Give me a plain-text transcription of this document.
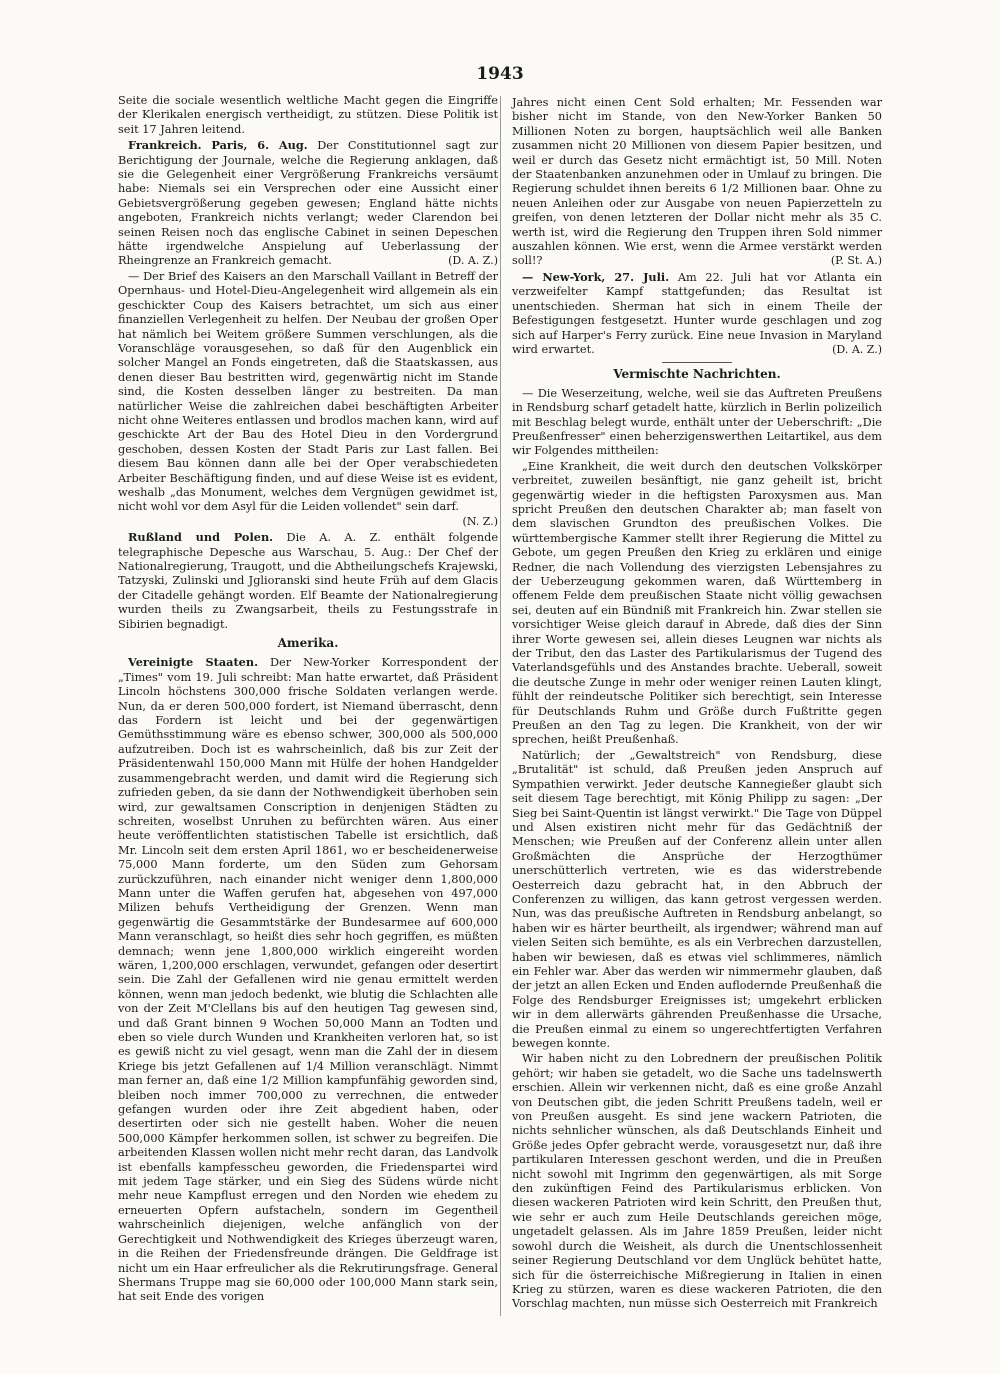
1943

Seite die sociale wesentlich weltliche Macht gegen die Eingriffe der Klerikalen energisch vertheidigt, zu stützen. Diese Politik ist seit 17 Jahren leitend.

Frankreich. Paris, 6. Aug. Der Constitutionnel sagt zur Berichtigung der Journale, welche die Regierung anklagen, daß sie die Gelegenheit einer Vergrößerung Frankreichs versäumt habe: Niemals sei ein Versprechen oder eine Aussicht einer Gebietsvergrößerung gegeben gewesen; England hätte nichts angeboten, Frankreich nichts verlangt; weder Clarendon bei seinen Reisen noch das englische Cabinet in seinen Depeschen hätte irgendwelche Anspielung auf Ueberlassung der Rheingrenze an Frankreich gemacht.	(D. A. Z.)

— Der Brief des Kaisers an den Marschall Vaillant in Betreff der Opernhaus- und Hotel-Dieu-Angelegenheit wird allgemein als ein geschickter Coup des Kaisers betrachtet, um sich aus einer finanziellen Verlegenheit zu helfen. Der Neubau der großen Oper hat nämlich bei Weitem größere Summen verschlungen, als die Voranschläge vorausgesehen, so daß für den Augenblick ein solcher Mangel an Fonds eingetreten, daß die Staatskassen, aus denen dieser Bau bestritten wird, gegenwärtig nicht im Stande sind, die Kosten desselben länger zu bestreiten. Da man natürlicher Weise die zahlreichen dabei beschäftigten Arbeiter nicht ohne Weiteres entlassen und brodlos machen kann, wird auf geschickte Art der Bau des Hotel Dieu in den Vordergrund geschoben, dessen Kosten der Stadt Paris zur Last fallen. Bei diesem Bau können dann alle bei der Oper verabschiedeten Arbeiter Beschäftigung finden, und auf diese Weise ist es evident, weshalb „das Monument, welches dem Vergnügen gewidmet ist, nicht wohl vor dem Asyl für die Leiden vollendet" sein darf.
(N. Z.)

Rußland und Polen. Die A. A. Z. enthält folgende telegraphische Depesche aus Warschau, 5. Aug.: Der Chef der Nationalregierung, Traugott, und die Abtheilungschefs Krajewski, Tatzyski, Zulinski und Jglioranski sind heute Früh auf dem Glacis der Citadelle gehängt worden. Elf Beamte der Nationalregierung wurden theils zu Zwangsarbeit, theils zu Festungsstrafe in Sibirien begnadigt.

Amerika.

Vereinigte Staaten. Der New-Yorker Korrespondent der „Times" vom 19. Juli schreibt: Man hatte erwartet, daß Präsident Lincoln höchstens 300,000 frische Soldaten verlangen werde. Nun, da er deren 500,000 fordert, ist Niemand überrascht, denn das Fordern ist leicht und bei der gegenwärtigen Gemüthsstimmung wäre es ebenso schwer, 300,000 als 500,000 aufzutreiben. Doch ist es wahrscheinlich, daß bis zur Zeit der Präsidentenwahl 150,000 Mann mit Hülfe der hohen Handgelder zusammengebracht werden, und damit wird die Regierung sich zufrieden geben, da sie dann der Nothwendigkeit überhoben sein wird, zur gewaltsamen Conscription in denjenigen Städten zu schreiten, woselbst Unruhen zu befürchten wären. Aus einer heute veröffentlichten statistischen Tabelle ist ersichtlich, daß Mr. Lincoln seit dem ersten April 1861, wo er bescheidenerweise 75,000 Mann forderte, um den Süden zum Gehorsam zurückzuführen, nach einander nicht weniger denn 1,800,000 Mann unter die Waffen gerufen hat, abgesehen von 497,000 Milizen behufs Vertheidigung der Grenzen. Wenn man gegenwärtig die Gesammtstärke der Bundesarmee auf 600,000 Mann veranschlagt, so heißt dies sehr hoch gegriffen, es müßten demnach; wenn jene 1,800,000 wirklich eingereiht worden wären, 1,200,000 erschlagen, verwundet, gefangen oder desertirt sein. Die Zahl der Gefallenen wird nie genau ermittelt werden können, wenn man jedoch bedenkt, wie blutig die Schlachten alle von der Zeit M'Clellans bis auf den heutigen Tag gewesen sind, und daß Grant binnen 9 Wochen 50,000 Mann an Todten und eben so viele durch Wunden und Krankheiten verloren hat, so ist es gewiß nicht zu viel gesagt, wenn man die Zahl der in diesem Kriege bis jetzt Gefallenen auf 1/4 Million veranschlägt. Nimmt man ferner an, daß eine 1/2 Million kampfunfähig geworden sind, bleiben noch immer 700,000 zu verrechnen, die entweder gefangen wurden oder ihre Zeit abgedient haben, oder desertirten oder sich nie gestellt haben. Woher die neuen 500,000 Kämpfer herkommen sollen, ist schwer zu begreifen. Die arbeitenden Klassen wollen nicht mehr recht daran, das Landvolk ist ebenfalls kampfesscheu geworden, die Friedenspartei wird mit jedem Tage stärker, und ein Sieg des Südens würde nicht mehr neue Kampflust erregen und den Norden wie ehedem zu erneuerten Opfern aufstacheln, sondern im Gegentheil wahrscheinlich diejenigen, welche anfänglich von der Gerechtigkeit und Nothwendigkeit des Krieges überzeugt waren, in die Reihen der Friedensfreunde drängen. Die Geldfrage ist nicht um ein Haar erfreulicher als die Rekrutirungsfrage. General Shermans Truppe mag sie 60,000 oder 100,000 Mann stark sein, hat seit Ende des vorigen

Jahres nicht einen Cent Sold erhalten; Mr. Fessenden war bisher nicht im Stande, von den New-Yorker Banken 50 Millionen Noten zu borgen, hauptsächlich weil alle Banken zusammen nicht 20 Millionen von diesem Papier besitzen, und weil er durch das Gesetz nicht ermächtigt ist, 50 Mill. Noten der Staatenbanken anzunehmen oder in Umlauf zu bringen. Die Regierung schuldet ihnen bereits 6 1/2 Millionen baar. Ohne zu neuen Anleihen oder zur Ausgabe von neuen Papierzetteln zu greifen, von denen letzteren der Dollar nicht mehr als 35 C. werth ist, wird die Regierung den Truppen ihren Sold nimmer auszahlen können. Wie erst, wenn die Armee verstärkt werden soll!?	(P. St. A.)

— New-York, 27. Juli. Am 22. Juli hat vor Atlanta ein verzweifelter Kampf stattgefunden; das Resultat ist unentschieden. Sherman hat sich in einem Theile der Befestigungen festgesetzt. Hunter wurde geschlagen und zog sich auf Harper's Ferry zurück. Eine neue Invasion in Maryland wird erwartet.	(D. A. Z.)

Vermischte Nachrichten.

— Die Weserzeitung, welche, weil sie das Auftreten Preußens in Rendsburg scharf getadelt hatte, kürzlich in Berlin polizeilich mit Beschlag belegt wurde, enthält unter der Ueberschrift: „Die Preußenfresser" einen beherzigenswerthen Leitartikel, aus dem wir Folgendes mittheilen:

„Eine Krankheit, die weit durch den deutschen Volkskörper verbreitet, zuweilen besänftigt, nie ganz geheilt ist, bricht gegenwärtig wieder in die heftigsten Paroxysmen aus. Man spricht Preußen den deutschen Charakter ab; man faselt von dem slavischen Grundton des preußischen Volkes. Die württembergische Kammer stellt ihrer Regierung die Mittel zu Gebote, um gegen Preußen den Krieg zu erklären und einige Redner, die nach Vollendung des vierzigsten Lebensjahres zu der Ueberzeugung gekommen waren, daß Württemberg in offenem Felde dem preußischen Staate nicht völlig gewachsen sei, deuten auf ein Bündniß mit Frankreich hin. Zwar stellen sie vorsichtiger Weise gleich darauf in Abrede, daß dies der Sinn ihrer Worte gewesen sei, allein dieses Leugnen war nichts als der Tribut, den das Laster des Partikularismus der Tugend des Vaterlandsgefühls und des Anstandes brachte. Ueberall, soweit die deutsche Zunge in mehr oder weniger reinen Lauten klingt, fühlt der reindeutsche Politiker sich berechtigt, sein Interesse für Deutschlands Ruhm und Größe durch Fußtritte gegen Preußen an den Tag zu legen. Die Krankheit, von der wir sprechen, heißt Preußenhaß.

Natürlich; der „Gewaltstreich" von Rendsburg, diese „Brutalität" ist schuld, daß Preußen jeden Anspruch auf Sympathien verwirkt. Jeder deutsche Kannegießer glaubt sich seit diesem Tage berechtigt, mit König Philipp zu sagen: „Der Sieg bei Saint-Quentin ist längst verwirkt." Die Tage von Düppel und Alsen existiren nicht mehr für das Gedächtniß der Menschen; wie Preußen auf der Conferenz allein unter allen Großmächten die Ansprüche der Herzogthümer unerschütterlich vertreten, wie es das widerstrebende Oesterreich dazu gebracht hat, in den Abbruch der Conferenzen zu willigen, das kann getrost vergessen werden. Nun, was das preußische Auftreten in Rendsburg anbelangt, so haben wir es härter beurtheilt, als irgendwer; während man auf vielen Seiten sich bemühte, es als ein Verbrechen darzustellen, haben wir bewiesen, daß es etwas viel schlimmeres, nämlich ein Fehler war. Aber das werden wir nimmermehr glauben, daß der jetzt an allen Ecken und Enden auflodernde Preußenhaß die Folge des Rendsburger Ereignisses ist; umgekehrt erblicken wir in dem allerwärts gährenden Preußenhasse die Ursache, die Preußen einmal zu einem so ungerechtfertigten Verfahren bewegen konnte.

Wir haben nicht zu den Lobrednern der preußischen Politik gehört; wir haben sie getadelt, wo die Sache uns tadelnswerth erschien. Allein wir verkennen nicht, daß es eine große Anzahl von Deutschen gibt, die jeden Schritt Preußens tadeln, weil er von Preußen ausgeht. Es sind jene wackern Patrioten, die nichts sehnlicher wünschen, als daß Deutschlands Einheit und Größe jedes Opfer gebracht werde, vorausgesetzt nur, daß ihre partikularen Interessen geschont werden, und die in Preußen nicht sowohl mit Ingrimm den gegenwärtigen, als mit Sorge den zukünftigen Feind des Partikularismus erblicken. Von diesen wackeren Patrioten wird kein Schritt, den Preußen thut, wie sehr er auch zum Heile Deutschlands gereichen möge, ungetadelt gelassen. Als im Jahre 1859 Preußen, leider nicht sowohl durch die Weisheit, als durch die Unentschlossenheit seiner Regierung Deutschland vor dem Unglück behütet hatte, sich für die österreichische Mißregierung in Italien in einen Krieg zu stürzen, waren es diese wackeren Patrioten, die den Vorschlag machten, nun müsse sich Oesterreich mit Frankreich
